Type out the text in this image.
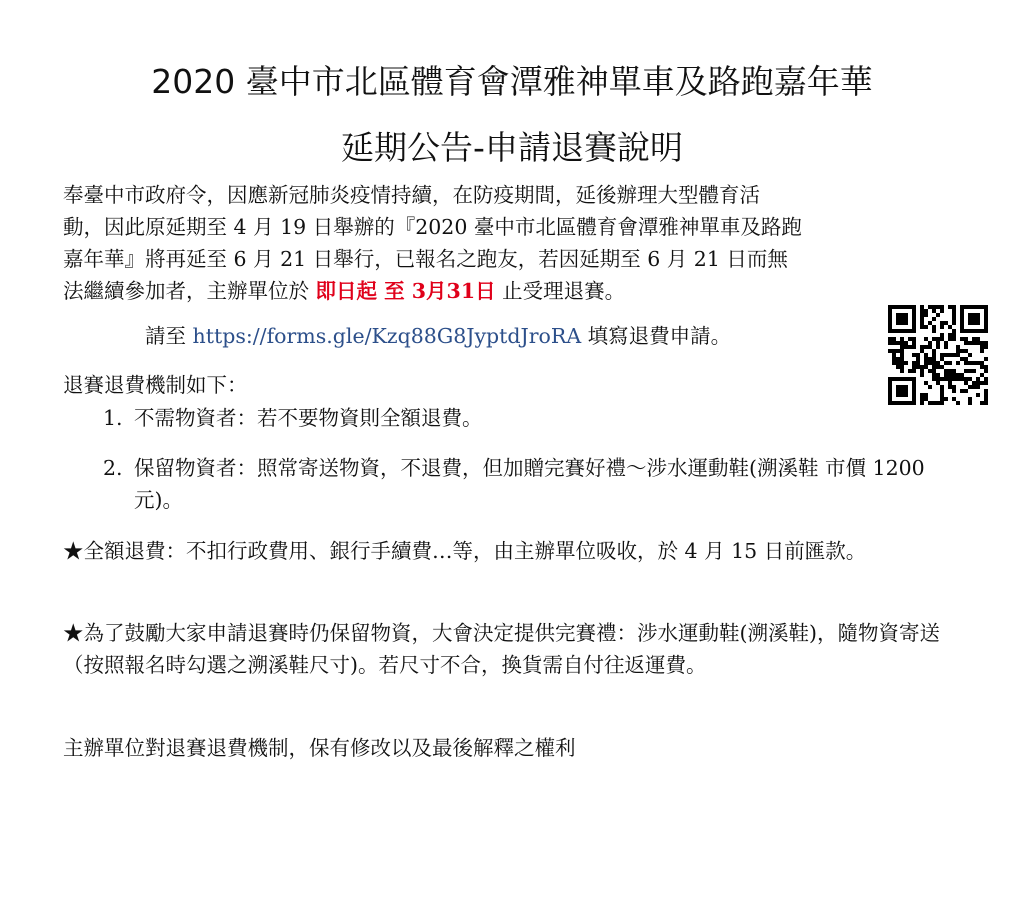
2020 臺中市北區體育會潭雅神單車及路跑嘉年華
延期公告-申請退賽說明
奉臺中市政府令，因應新冠肺炎疫情持續，在防疫期間，延後辦理大型體育活
動，因此原延期至 4 月 19 日舉辦的『2020 臺中市北區體育會潭雅神單車及路跑
嘉年華』將再延至 6 月 21 日舉行，已報名之跑友，若因延期至 6 月 21 日而無
法繼續參加者，主辦單位於 即日起 至 3月31日 止受理退賽。
請至 https://forms.gle/Kzq88G8JyptdJroRA 填寫退費申請。
退賽退費機制如下：
1. 不需物資者：若不要物資則全額退費。
2. 保留物資者：照常寄送物資，不退費，但加贈完賽好禮～涉水運動鞋(溯溪鞋 市價 1200 元)。
★全額退費：不扣行政費用、銀行手續費…等，由主辦單位吸收，於 4 月 15 日前匯款。
★為了鼓勵大家申請退賽時仍保留物資，大會決定提供完賽禮：涉水運動鞋(溯溪鞋)，隨物資寄送（按照報名時勾選之溯溪鞋尺寸)。若尺寸不合，換貨需自付往返運費。
主辦單位對退賽退費機制，保有修改以及最後解釋之權利
